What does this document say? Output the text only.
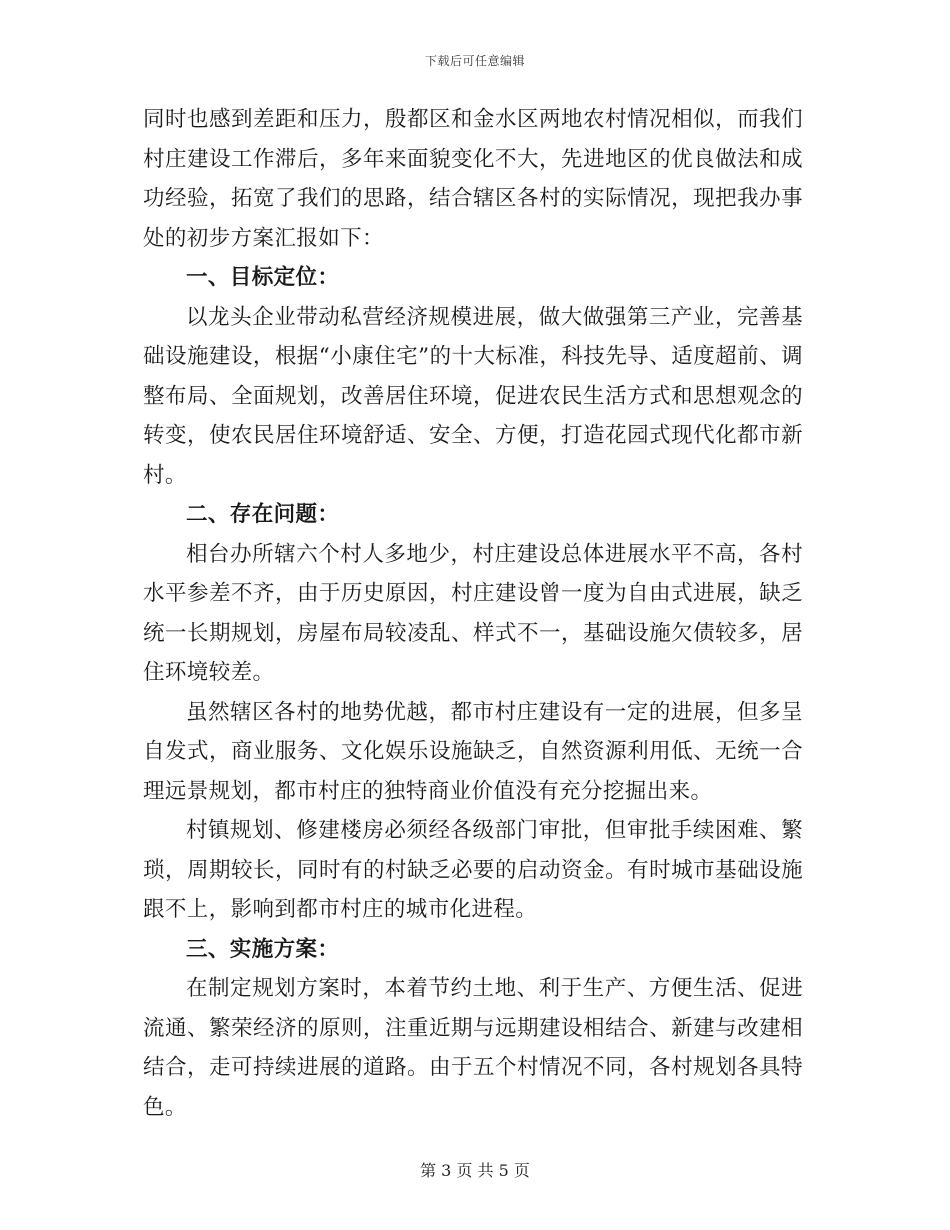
下载后可任意编辑

同时也感到差距和压力，殷都区和金水区两地农村情况相似，而我们村庄建设工作滞后，多年来面貌变化不大，先进地区的优良做法和成功经验，拓宽了我们的思路，结合辖区各村的实际情况，现把我办事处的初步方案汇报如下：

一、目标定位：

以龙头企业带动私营经济规模进展，做大做强第三产业，完善基础设施建设，根据“小康住宅”的十大标准，科技先导、适度超前、调整布局、全面规划，改善居住环境，促进农民生活方式和思想观念的转变，使农民居住环境舒适、安全、方便，打造花园式现代化都市新村。

二、存在问题：

相台办所辖六个村人多地少，村庄建设总体进展水平不高，各村水平参差不齐，由于历史原因，村庄建设曾一度为自由式进展，缺乏统一长期规划，房屋布局较凌乱、样式不一，基础设施欠债较多，居住环境较差。

虽然辖区各村的地势优越，都市村庄建设有一定的进展，但多呈自发式，商业服务、文化娱乐设施缺乏，自然资源利用低、无统一合理远景规划，都市村庄的独特商业价值没有充分挖掘出来。

村镇规划、修建楼房必须经各级部门审批，但审批手续困难、繁琐，周期较长，同时有的村缺乏必要的启动资金。有时城市基础设施跟不上，影响到都市村庄的城市化进程。

三、实施方案：

在制定规划方案时，本着节约土地、利于生产、方便生活、促进流通、繁荣经济的原则，注重近期与远期建设相结合、新建与改建相结合，走可持续进展的道路。由于五个村情况不同，各村规划各具特色。

第 3 页 共 5 页
